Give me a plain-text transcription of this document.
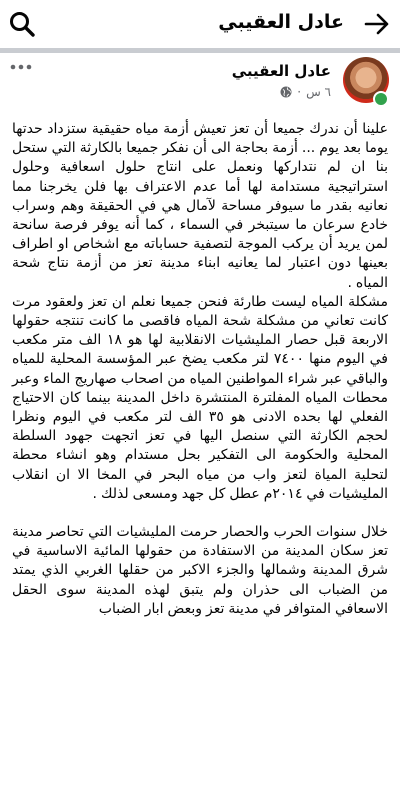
عادل العقيبي
عادل العقيبي
٦ س
·

علينا أن ندرك جميعا أن تعز تعيش أزمة مياه حقيقية ستزداد حدتها يوما بعد يوم ... أزمة بحاجة الى أن نفكر جميعا بالكارثة التي ستحل بنا ان لم نتداركها ونعمل على انتاج حلول اسعافية وحلول استراتيجية مستدامة لها أما عدم الاعتراف بها فلن يخرجنا مما نعانيه بقدر ما سيوفر مساحة لآمال هي في الحقيقة وهم وسراب خادع سرعان ما سيتبخر في السماء ، كما أنه يوفر فرصة سانحة لمن يريد أن يركب الموجة لتصفية حساباته مع اشخاص او اطراف بعينها دون اعتبار لما يعانيه ابناء مدينة تعز من أزمة نتاج شحة المياه .

مشكلة المياه ليست طارئة فنحن جميعا نعلم ان تعز ولعقود مرت كانت تعاني من مشكلة شحة المياه فاقصى ما كانت تنتجه حقولها الاربعة قبل حصار المليشيات الانقلابية لها هو ١٨ الف متر مكعب في اليوم منها ٧٤٠٠ لتر مكعب يضخ عبر المؤسسة المحلية للمياه والباقي عبر شراء المواطنين المياه من اصحاب صهاريج الماء وعبر محطات المياه المفلترة المنتشرة داخل المدينة بينما كان الاحتياج الفعلي لها بحده الادنى هو ٣٥ الف لتر مكعب في اليوم ونظرا لحجم الكارثة التي سنصل اليها في تعز اتجهت جهود السلطة المحلية والحكومة الى التفكير بحل مستدام وهو انشاء محطة لتحلية المياة لتعز واب من مياه البحر في المخا الا ان انقلاب المليشيات في ٢٠١٤م عطل كل جهد ومسعى لذلك .

خلال سنوات الحرب والحصار حرمت المليشيات التي تحاصر مدينة تعز سكان المدينة من الاستفادة من حقولها المائية الاساسية في شرق المدينة وشمالها والجزء الاكبر من حقلها الغربي الذي يمتد من الضباب الى حذران ولم يتبق لهذه المدينة سوى الحقل الاسعافي المتوافر في مدينة تعز وبعض ابار الضباب
